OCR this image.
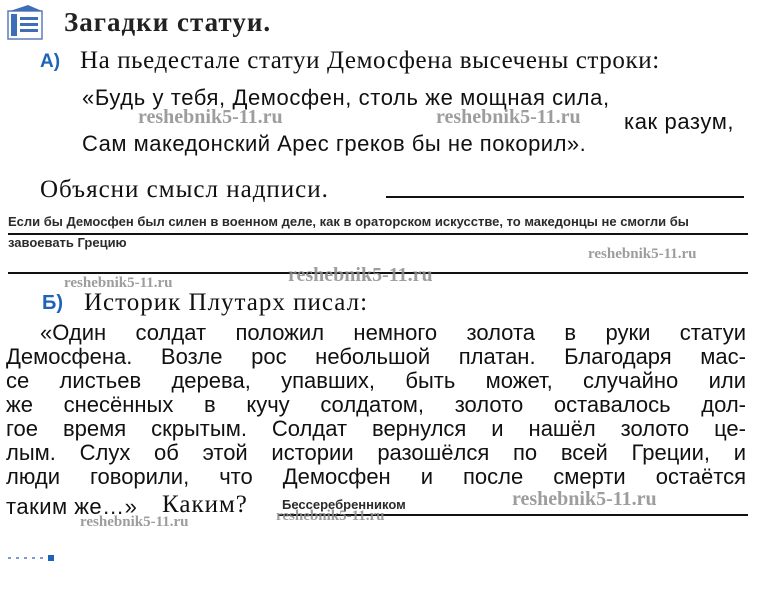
Загадки статуи.
А) На пьедестале статуи Демосфена высечены строки:
«Будь у тебя, Демосфен, столь же мощная сила,
как разум,
Сам македонский Арес греков бы не покорил».
Объясни смысл надписи.
Если бы Демосфен был силен в военном деле, как в ораторском искусстве, то македонцы не смогли бы
завоевать Грецию
Б) Историк Плутарх писал:
«Один солдат положил немного золота в руки статуи
Демосфена. Возле рос небольшой платан. Благодаря мас-
се листьев дерева, упавших, быть может, случайно или
же снесённых в кучу солдатом, золото оставалось дол-
гое время скрытым. Солдат вернулся и нашёл золото це-
лым. Слух об этой истории разошёлся по всей Греции, и
люди говорили, что Демосфен и после смерти остаётся
таким же…» Каким?	Бессеребренником
reshebnik5-11.ru	reshebnik5-11.ru
reshebnik5-11.ru
reshebnik5-11.ru
reshebnik5-11.ru
reshebnik5-11.ru
reshebnik5-11.ru
reshebnik5-11.ru
